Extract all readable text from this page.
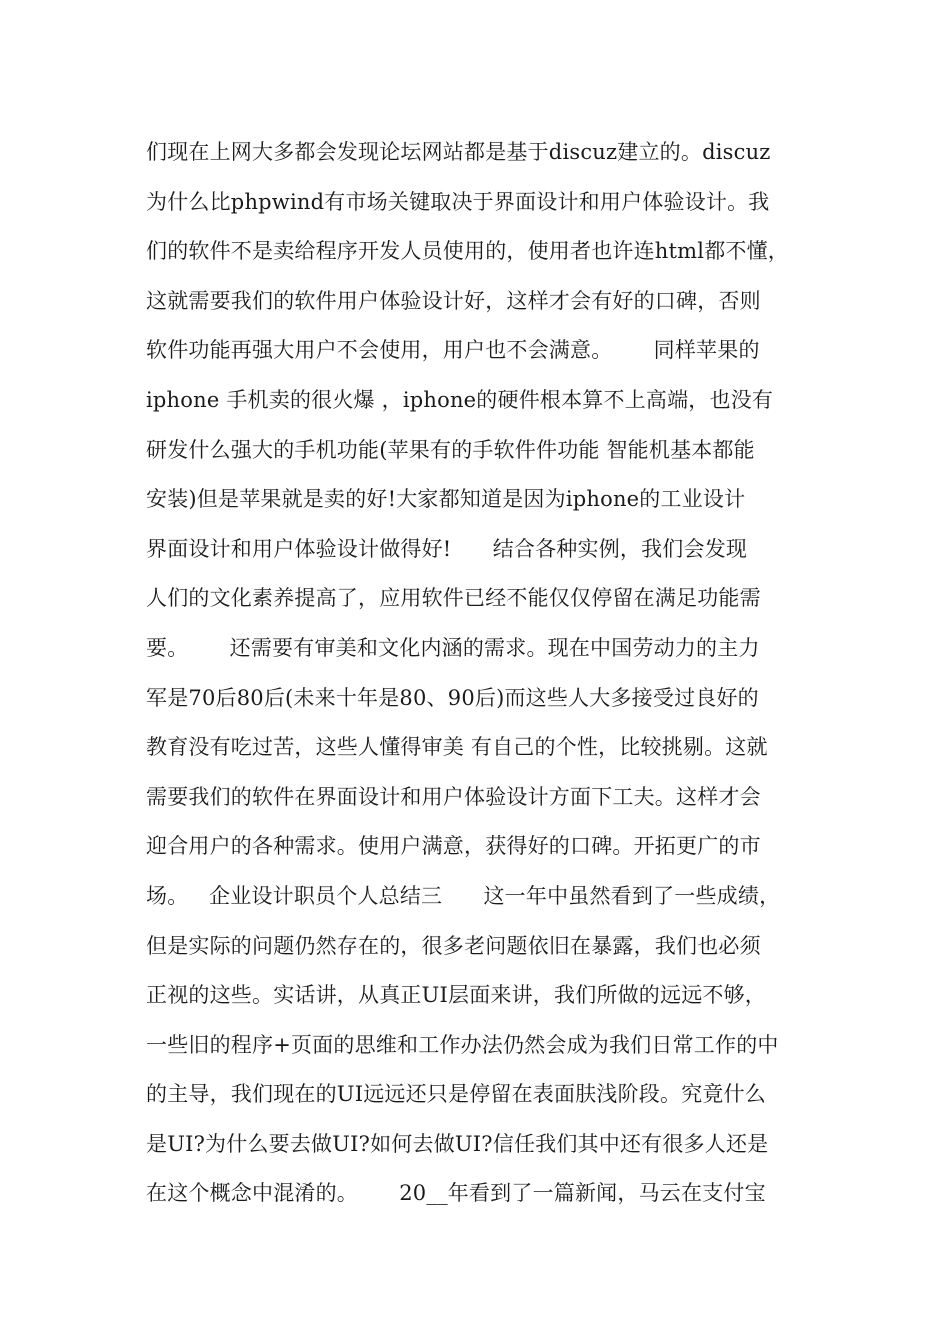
们现在上网大多都会发现论坛网站都是基于discuz建立的。discuz
为什么比phpwind有市场关键取决于界面设计和用户体验设计。我
们的软件不是卖给程序开发人员使用的，使用者也许连html都不懂，
这就需要我们的软件用户体验设计好，这样才会有好的口碑，否则
软件功能再强大用户不会使用，用户也不会满意。      同样苹果的
iphone 手机卖的很火爆 ，iphone的硬件根本算不上高端，也没有
研发什么强大的手机功能(苹果有的手软件件功能 智能机基本都能
安装)但是苹果就是卖的好!大家都知道是因为iphone的工业设计
界面设计和用户体验设计做得好!      结合各种实例，我们会发现
人们的文化素养提高了，应用软件已经不能仅仅停留在满足功能需
要。      还需要有审美和文化内涵的需求。现在中国劳动力的主力
军是70后80后(未来十年是80、90后)而这些人大多接受过良好的
教育没有吃过苦，这些人懂得审美 有自己的个性，比较挑剔。这就
需要我们的软件在界面设计和用户体验设计方面下工夫。这样才会
迎合用户的各种需求。使用户满意，获得好的口碑。开拓更广的市
场。   企业设计职员个人总结三      这一年中虽然看到了一些成绩，
但是实际的问题仍然存在的，很多老问题依旧在暴露，我们也必须
正视的这些。实话讲，从真正UI层面来讲，我们所做的远远不够，
一些旧的程序+页面的思维和工作办法仍然会成为我们日常工作的中
的主导，我们现在的UI远远还只是停留在表面肤浅阶段。究竟什么
是UI?为什么要去做UI?如何去做UI?信任我们其中还有很多人还是
在这个概念中混淆的。      20__年看到了一篇新闻，马云在支付宝
